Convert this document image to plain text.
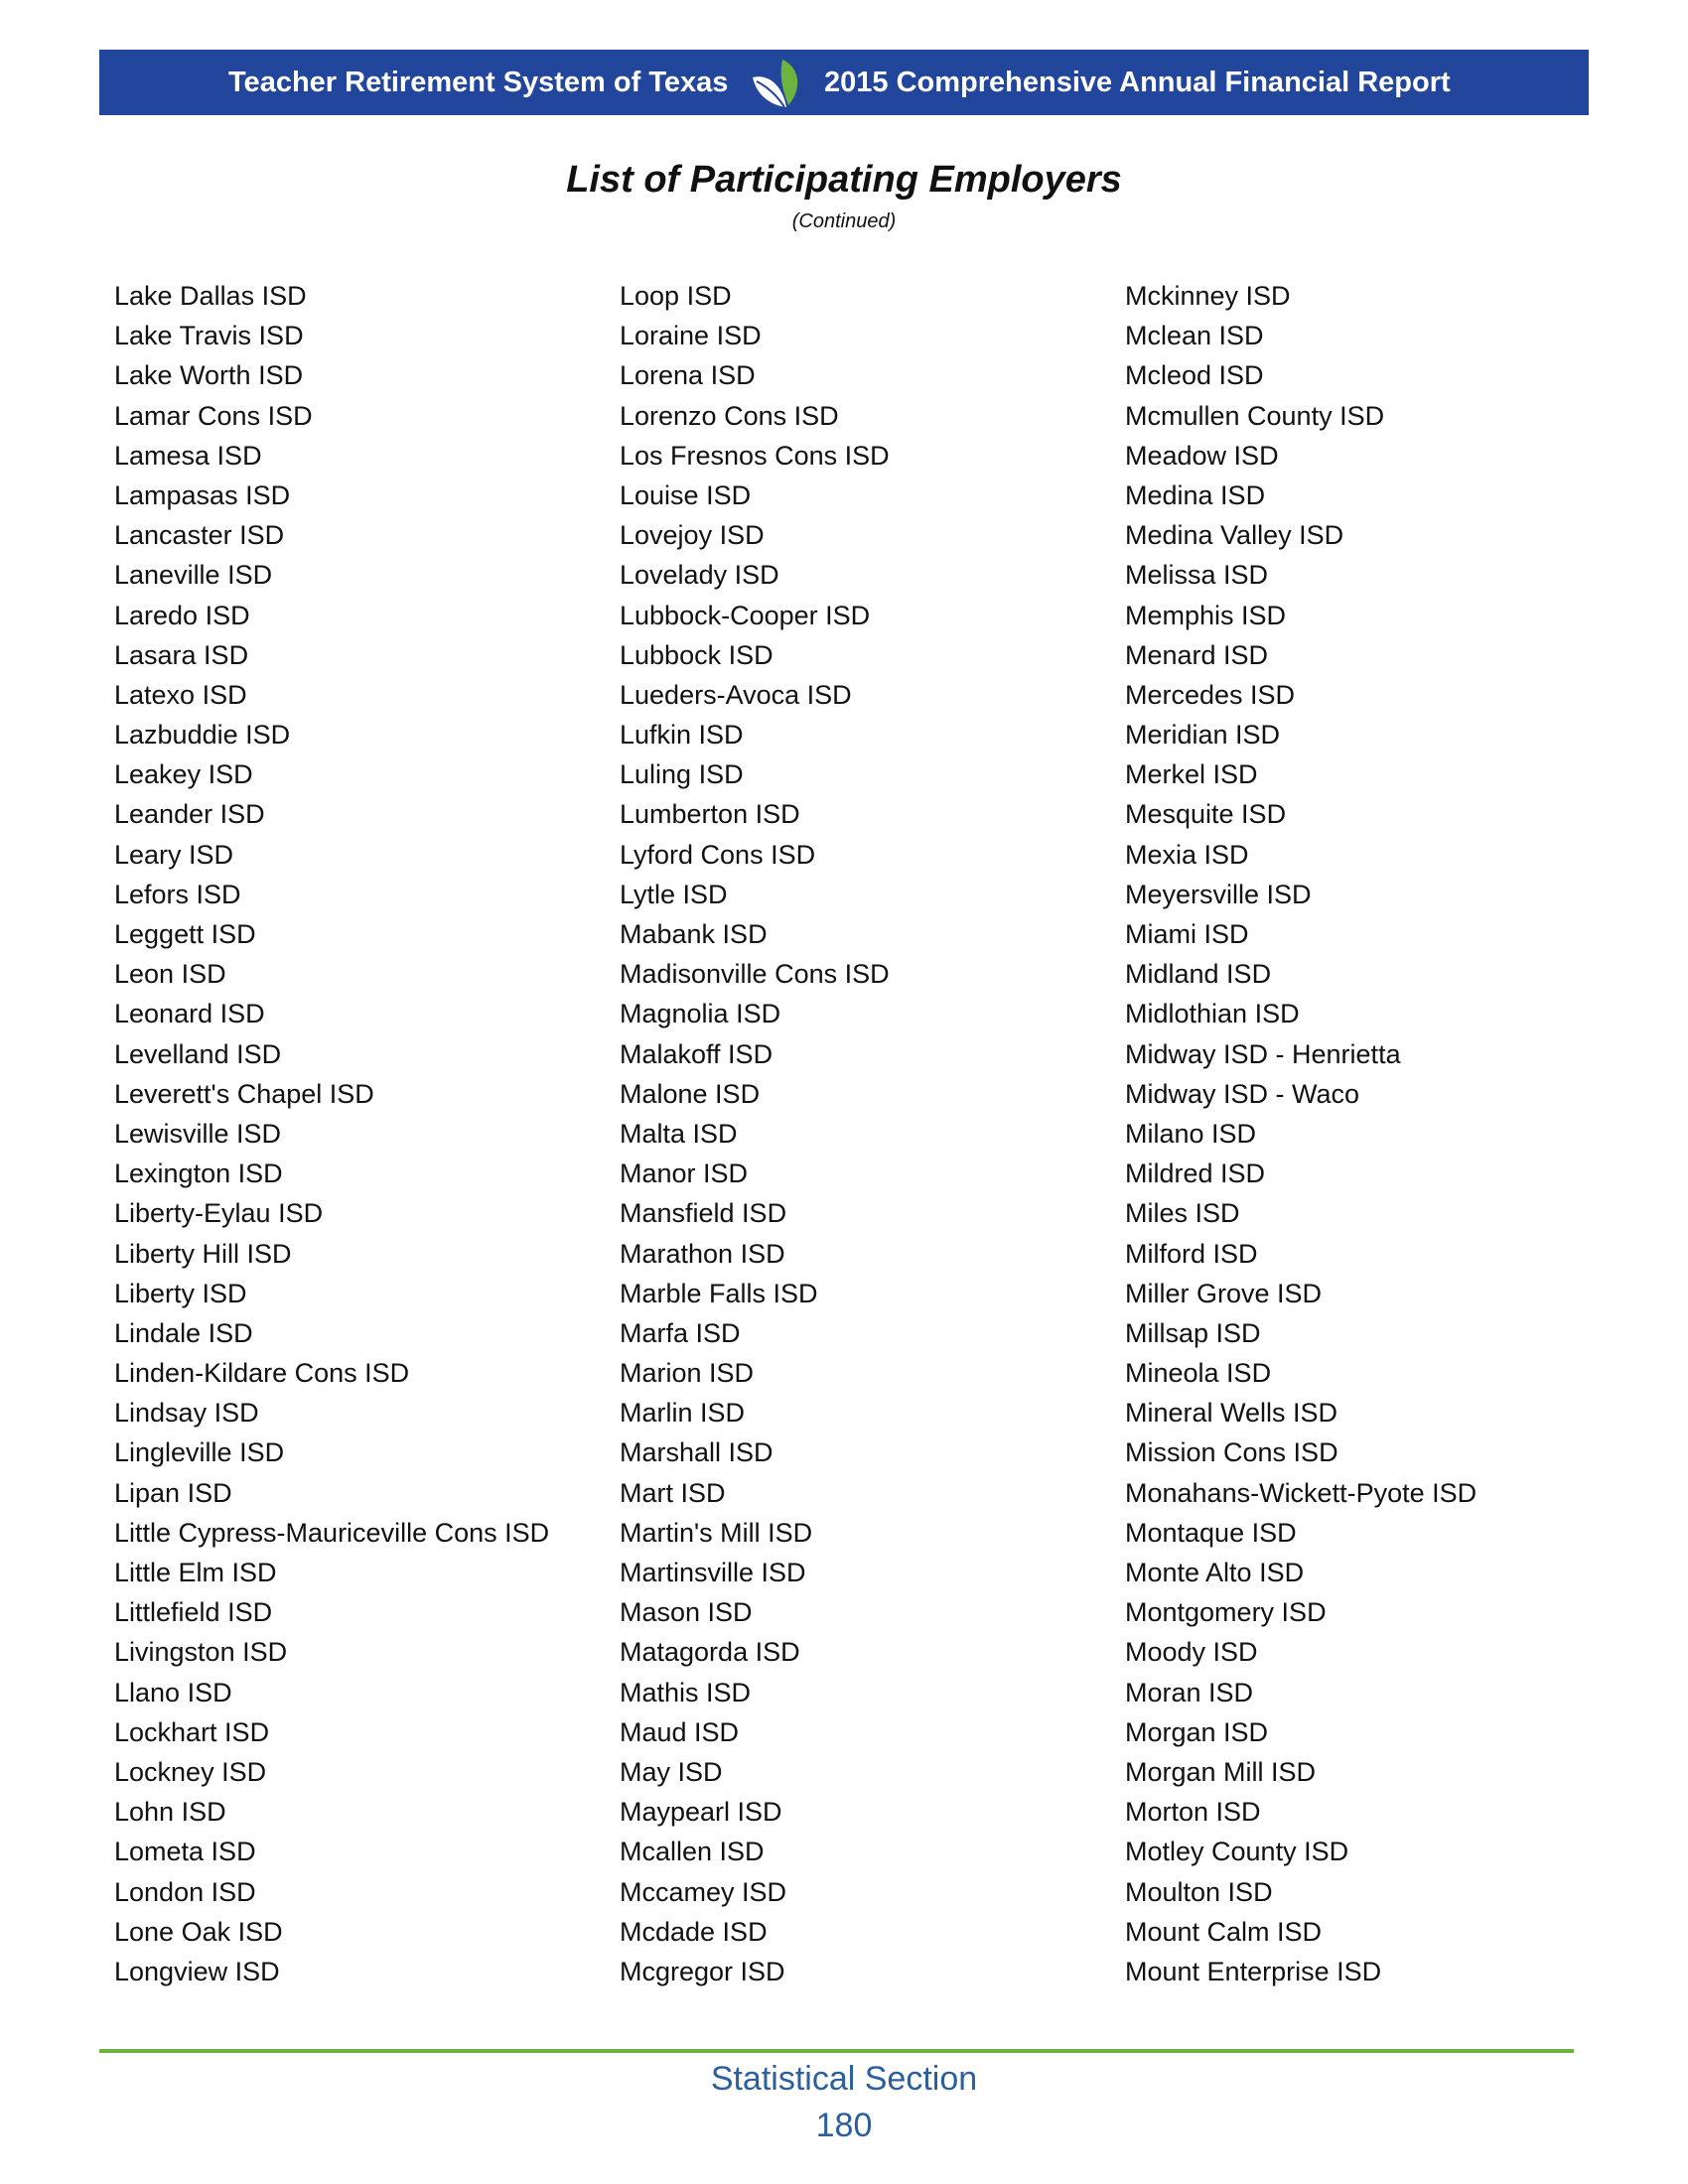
Teacher Retirement System of Texas	2015 Comprehensive Annual Financial Report
List of Participating Employers
(Continued)
Lake Dallas ISD
Lake Travis ISD
Lake Worth ISD
Lamar Cons ISD
Lamesa ISD
Lampasas ISD
Lancaster ISD
Laneville ISD
Laredo ISD
Lasara ISD
Latexo ISD
Lazbuddie ISD
Leakey ISD
Leander ISD
Leary ISD
Lefors ISD
Leggett ISD
Leon ISD
Leonard ISD
Levelland ISD
Leverett's Chapel ISD
Lewisville ISD
Lexington ISD
Liberty-Eylau ISD
Liberty Hill ISD
Liberty ISD
Lindale ISD
Linden-Kildare Cons ISD
Lindsay ISD
Lingleville ISD
Lipan ISD
Little Cypress-Mauriceville Cons ISD
Little Elm ISD
Littlefield ISD
Livingston ISD
Llano ISD
Lockhart ISD
Lockney ISD
Lohn ISD
Lometa ISD
London ISD
Lone Oak ISD
Longview ISD
Loop ISD
Loraine ISD
Lorena ISD
Lorenzo Cons ISD
Los Fresnos Cons ISD
Louise ISD
Lovejoy ISD
Lovelady ISD
Lubbock-Cooper ISD
Lubbock ISD
Lueders-Avoca ISD
Lufkin ISD
Luling ISD
Lumberton ISD
Lyford Cons ISD
Lytle ISD
Mabank ISD
Madisonville Cons ISD
Magnolia ISD
Malakoff ISD
Malone ISD
Malta ISD
Manor ISD
Mansfield ISD
Marathon ISD
Marble Falls ISD
Marfa ISD
Marion ISD
Marlin ISD
Marshall ISD
Mart ISD
Martin's Mill ISD
Martinsville ISD
Mason ISD
Matagorda ISD
Mathis ISD
Maud ISD
May ISD
Maypearl ISD
Mcallen ISD
Mccamey ISD
Mcdade ISD
Mcgregor ISD
Mckinney ISD
Mclean ISD
Mcleod ISD
Mcmullen County ISD
Meadow ISD
Medina ISD
Medina Valley ISD
Melissa ISD
Memphis ISD
Menard ISD
Mercedes ISD
Meridian ISD
Merkel ISD
Mesquite ISD
Mexia ISD
Meyersville ISD
Miami ISD
Midland ISD
Midlothian ISD
Midway ISD - Henrietta
Midway ISD - Waco
Milano ISD
Mildred ISD
Miles ISD
Milford ISD
Miller Grove ISD
Millsap ISD
Mineola ISD
Mineral Wells ISD
Mission Cons ISD
Monahans-Wickett-Pyote ISD
Montaque ISD
Monte Alto ISD
Montgomery ISD
Moody ISD
Moran ISD
Morgan ISD
Morgan Mill ISD
Morton ISD
Motley County ISD
Moulton ISD
Mount Calm ISD
Mount Enterprise ISD
Statistical Section
180
